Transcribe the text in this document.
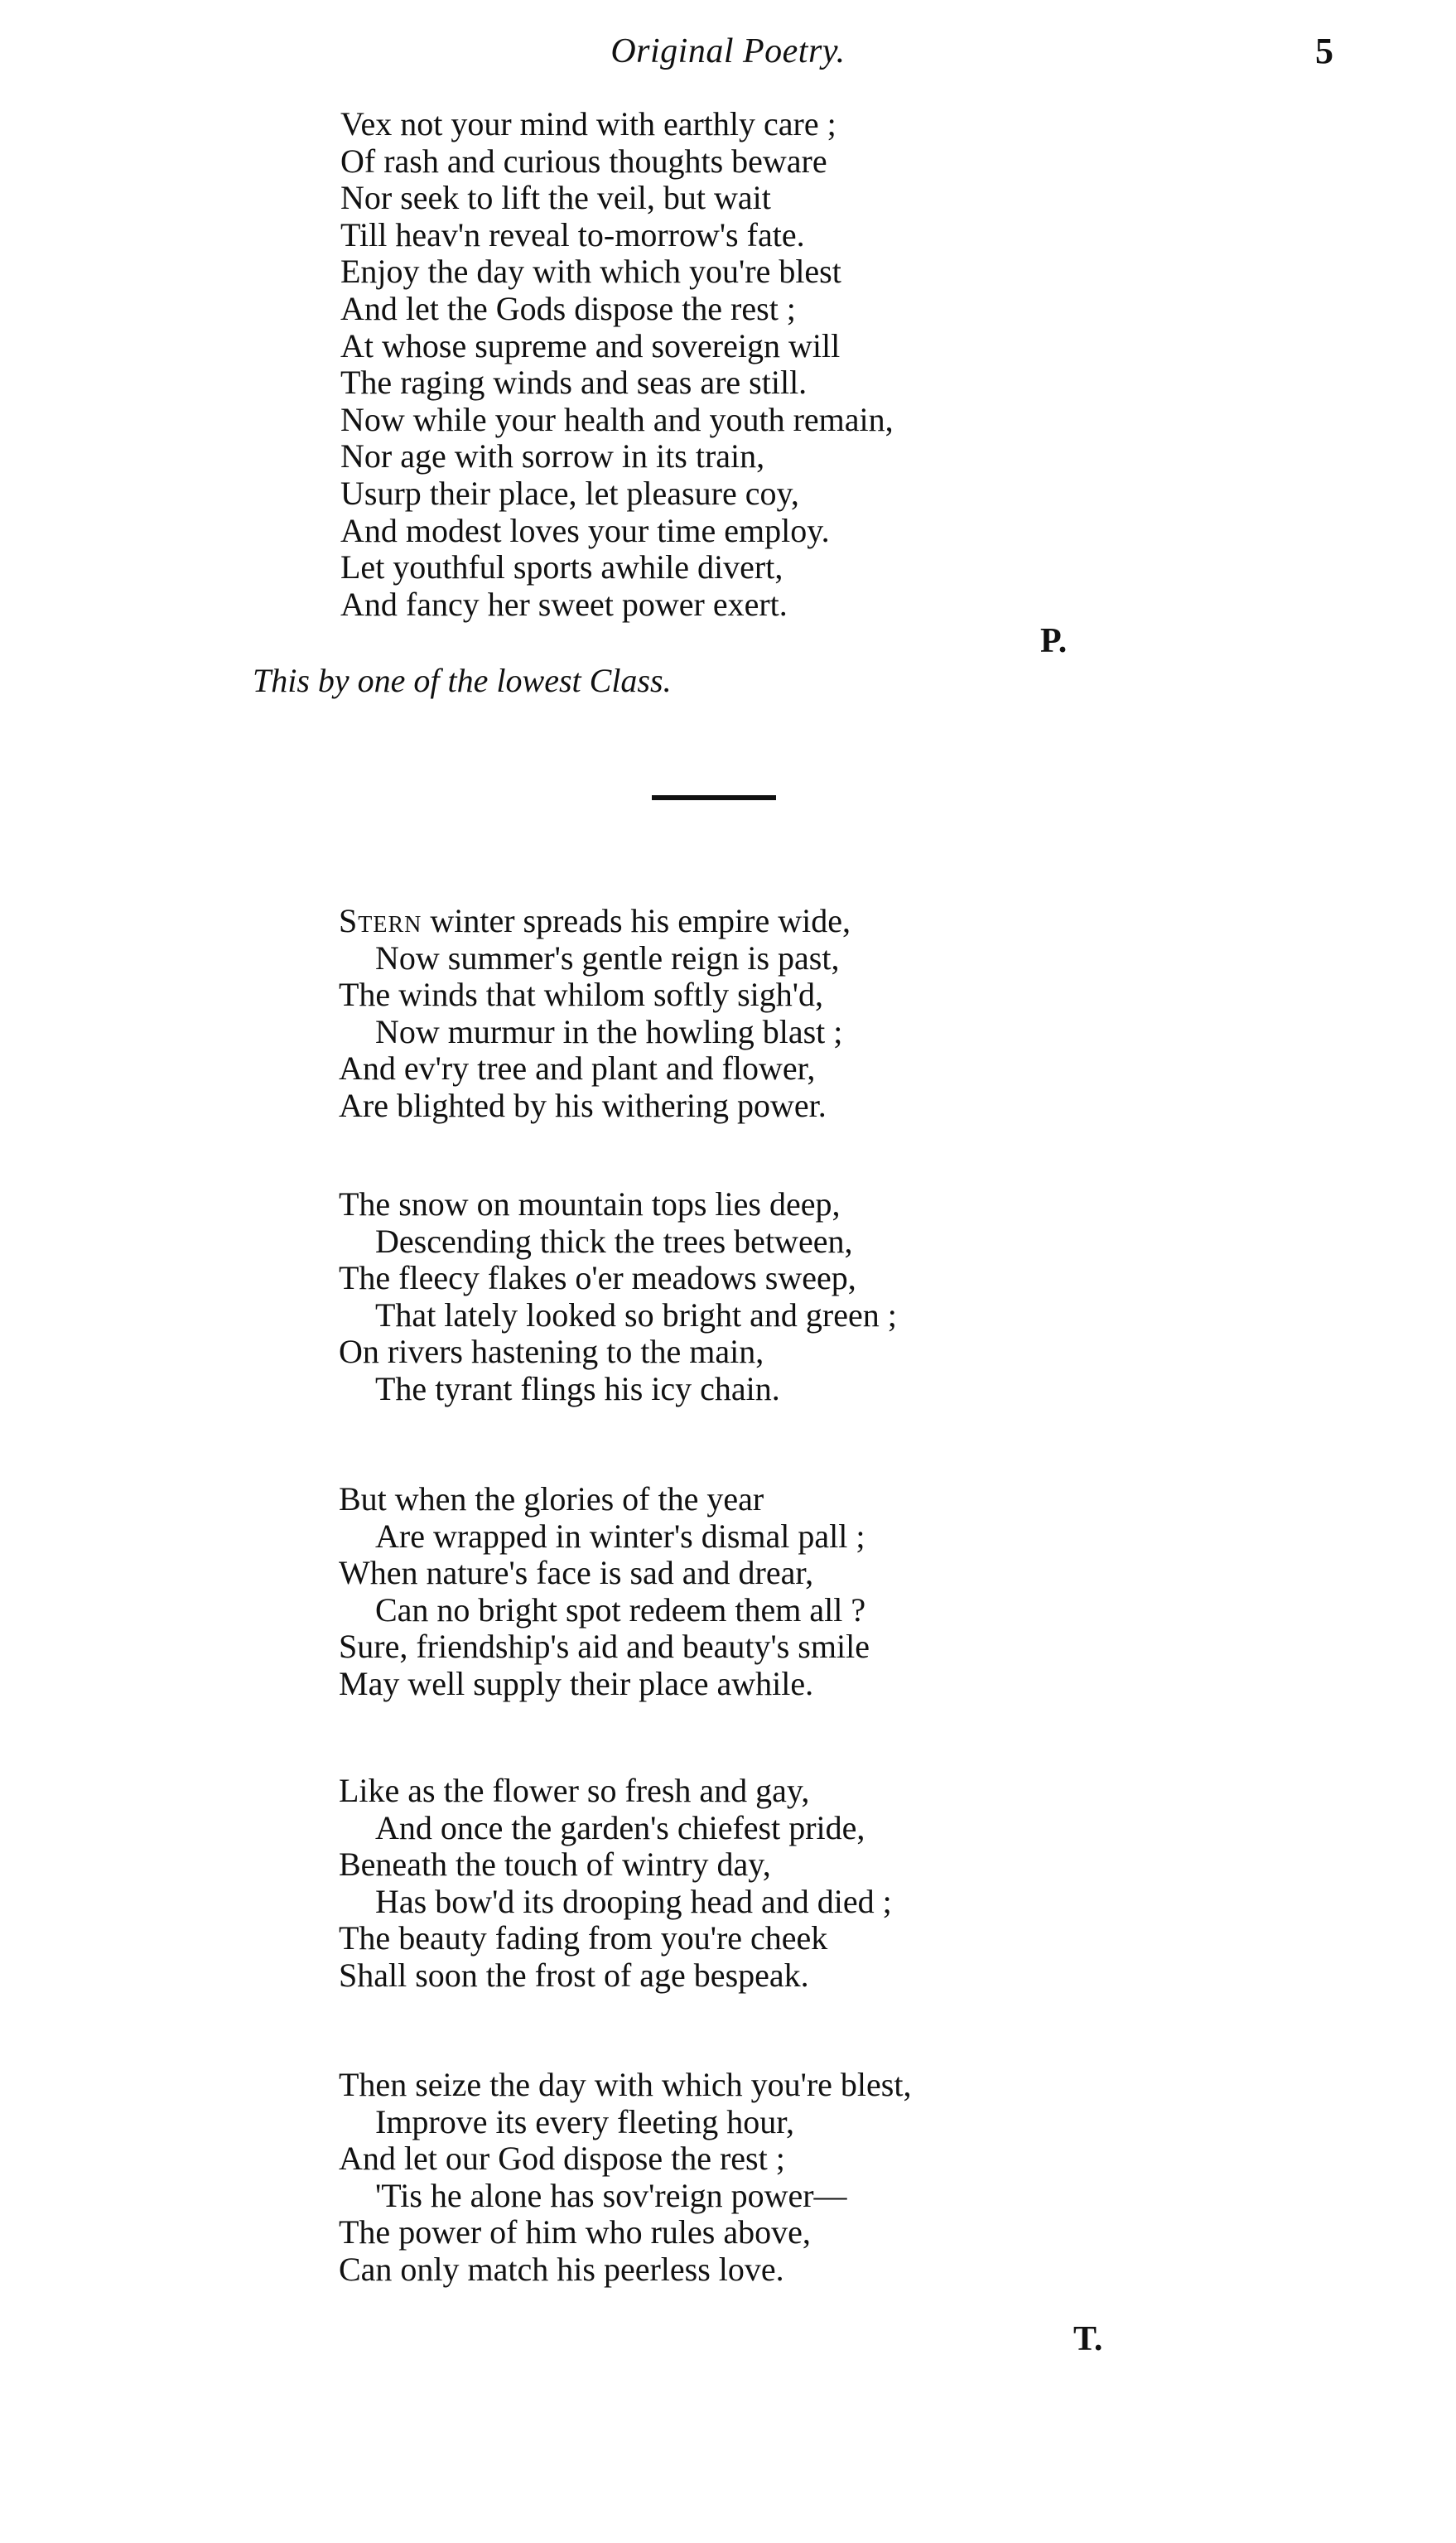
Original Poetry.	5
Vex not your mind with earthly care ;
Of rash and curious thoughts beware
Nor seek to lift the veil, but wait
Till heav'n reveal to-morrow's fate.
Enjoy the day with which you're blest
And let the Gods dispose the rest ;
At whose supreme and sovereign will
The raging winds and seas are still.
Now while your health and youth remain,
Nor age with sorrow in its train,
Usurp their place, let pleasure coy,
And modest loves your time employ.
Let youthful sports awhile divert,
And fancy her sweet power exert.
P.
This by one of the lowest Class.
Stern winter spreads his empire wide,
Now summer's gentle reign is past,
The winds that whilom softly sigh'd,
Now murmur in the howling blast ;
And ev'ry tree and plant and flower,
Are blighted by his withering power.
The snow on mountain tops lies deep,
Descending thick the trees between,
The fleecy flakes o'er meadows sweep,
That lately looked so bright and green ;
On rivers hastening to the main,
The tyrant flings his icy chain.
But when the glories of the year
Are wrapped in winter's dismal pall ;
When nature's face is sad and drear,
Can no bright spot redeem them all ?
Sure, friendship's aid and beauty's smile
May well supply their place awhile.
Like as the flower so fresh and gay,
And once the garden's chiefest pride,
Beneath the touch of wintry day,
Has bow'd its drooping head and died ;
The beauty fading from you're cheek
Shall soon the frost of age bespeak.
Then seize the day with which you're blest,
Improve its every fleeting hour,
And let our God dispose the rest ;
'Tis he alone has sov'reign power—
The power of him who rules above,
Can only match his peerless love.
T.
